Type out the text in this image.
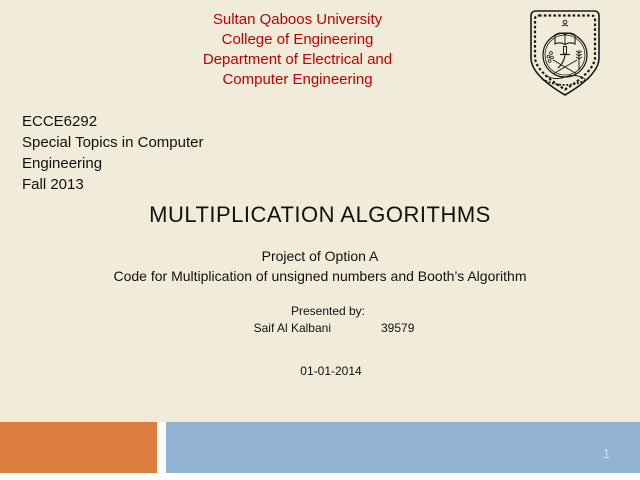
Sultan Qaboos University
College of Engineering
Department of Electrical and
Computer Engineering
ECCE6292
Special Topics in Computer
Engineering
Fall 2013
MULTIPLICATION ALGORITHMS
Project of Option A
Code for Multiplication of unsigned numbers and Booth’s Algorithm
Presented by:
Saif Al Kalbani	39579
01-01-2014
1
